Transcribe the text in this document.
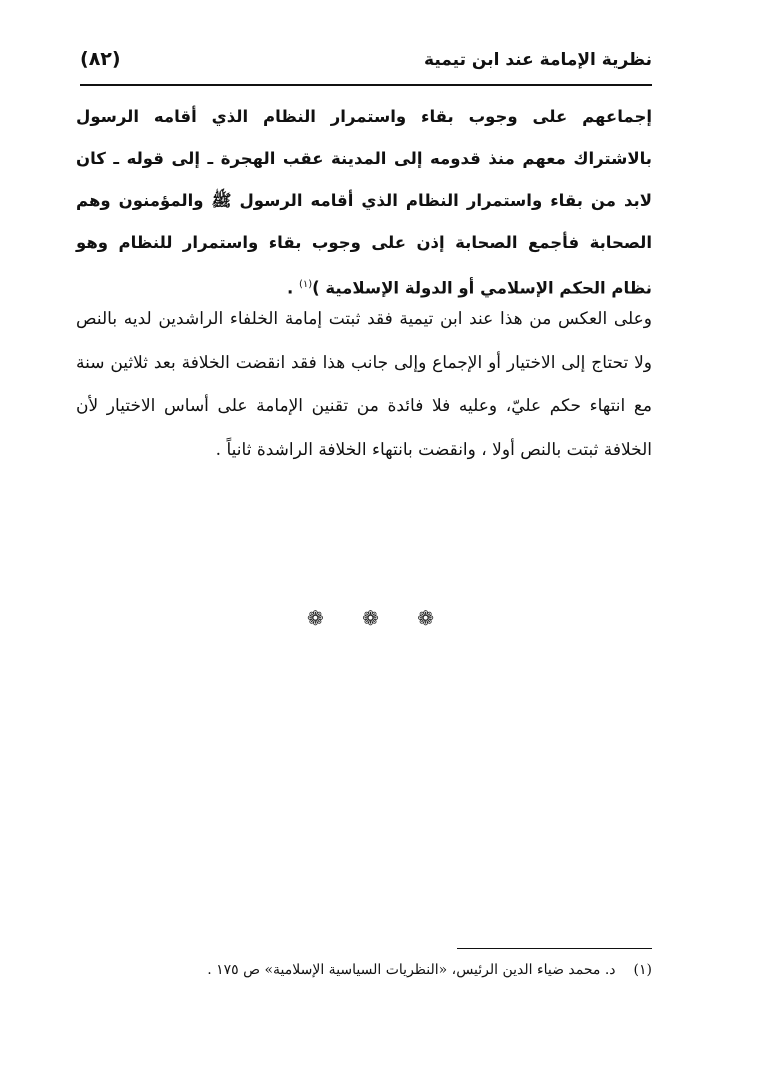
نظرية الإمامة عند ابن تيمية
(٨٢)
إجماعهم على وجوب بقاء واستمرار النظام الذي أقامه الرسول بالاشتراك معهم منذ قدومه إلى المدينة عقب الهجرة ـ إلى قوله ـ كان لابد من بقاء واستمرار النظام الذي أقامه الرسول ﷺ والمؤمنون وهم الصحابة فأجمع الصحابة إذن على وجوب بقاء واستمرار للنظام وهو نظام الحكم الإسلامي أو الدولة الإسلامية )$^{(١)}$ .
وعلى العكس من هذا عند ابن تيمية فقد ثبتت إمامة الخلفاء الراشدين لديه بالنص ولا تحتاج إلى الاختيار أو الإجماع وإلى جانب هذا فقد انقضت الخلافة بعد ثلاثين سنة مع انتهاء حكم عليّ، وعليه فلا فائدة من تقنين الإمامة على أساس الاختيار لأن الخلافة ثبتت بالنص أولا ، وانقضت بانتهاء الخلافة الراشدة ثانياً .
❁ ❁ ❁
(١)د. محمد ضياء الدين الرئيس، «النظريات السياسية الإسلامية» ص ١٧٥ .
